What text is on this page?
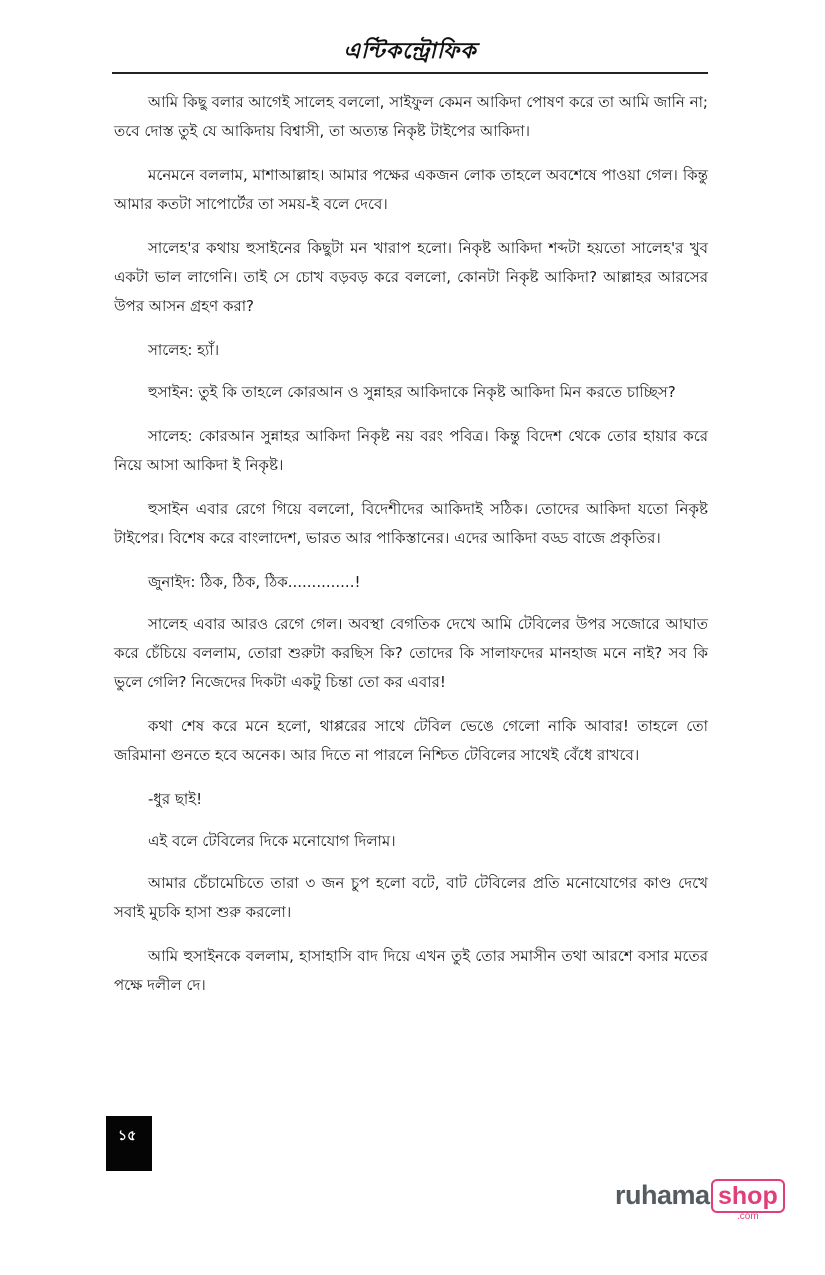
এন্টিকন্ট্রোফিক

আমি কিছু বলার আগেই সালেহ বললো, সাইফুল কেমন আকিদা পোষণ করে তা আমি জানি না; তবে দোস্ত তুই যে আকিদায় বিশ্বাসী, তা অত্যন্ত নিকৃষ্ট টাইপের আকিদা।

মনেমনে বললাম, মাশাআল্লাহ। আমার পক্ষের একজন লোক তাহলে অবশেষে পাওয়া গেল। কিন্তু আমার কতটা সাপোর্টের তা সময়-ই বলে দেবে।

সালেহ'র কথায় হুসাইনের কিছুটা মন খারাপ হলো। নিকৃষ্ট আকিদা শব্দটা হয়তো সালেহ'র খুব একটা ভাল লাগেনি। তাই সে চোখ বড়বড় করে বললো, কোনটা নিকৃষ্ট আকিদা? আল্লাহর আরসের উপর আসন গ্রহণ করা?

সালেহ: হ্যাঁ।

হুসাইন: তুই কি তাহলে কোরআন ও সুন্নাহর আকিদাকে নিকৃষ্ট আকিদা মিন করতে চাচ্ছিস?

সালেহ: কোরআন সুন্নাহর আকিদা নিকৃষ্ট নয় বরং পবিত্র। কিন্তু বিদেশ থেকে তোর হায়ার করে নিয়ে আসা আকিদা ই নিকৃষ্ট।

হুসাইন এবার রেগে গিয়ে বললো, বিদেশীদের আকিদাই সঠিক। তোদের আকিদা যতো নিকৃষ্ট টাইপের। বিশেষ করে বাংলাদেশ, ভারত আর পাকিস্তানের। এদের আকিদা বড্ড বাজে প্রকৃতির।

জুনাইদ: ঠিক, ঠিক, ঠিক..............!

সালেহ এবার আরও রেগে গেল। অবস্থা বেগতিক দেখে আমি টেবিলের উপর সজোরে আঘাত করে চেঁচিয়ে বললাম, তোরা শুরুটা করছিস কি? তোদের কি সালাফদের মানহাজ মনে নাই? সব কি ভুলে গেলি? নিজেদের দিকটা একটু চিন্তা তো কর এবার!

কথা শেষ করে মনে হলো, থাপ্পরের সাথে টেবিল ভেঙে গেলো নাকি আবার! তাহলে তো জরিমানা গুনতে হবে অনেক। আর দিতে না পারলে নিশ্চিত টেবিলের সাথেই বেঁধে রাখবে।

-ধুর ছাই!

এই বলে টেবিলের দিকে মনোযোগ দিলাম।

আমার চেঁচামেচিতে তারা ৩ জন চুপ হলো বটে, বাট টেবিলের প্রতি মনোযোগের কাণ্ড দেখে সবাই মুচকি হাসা শুরু করলো।

আমি হুসাইনকে বললাম, হাসাহাসি বাদ দিয়ে এখন তুই তোর সমাসীন তথা আরশে বসার মতের পক্ষে দলীল দে।

১৫
ruhama shop
.com
